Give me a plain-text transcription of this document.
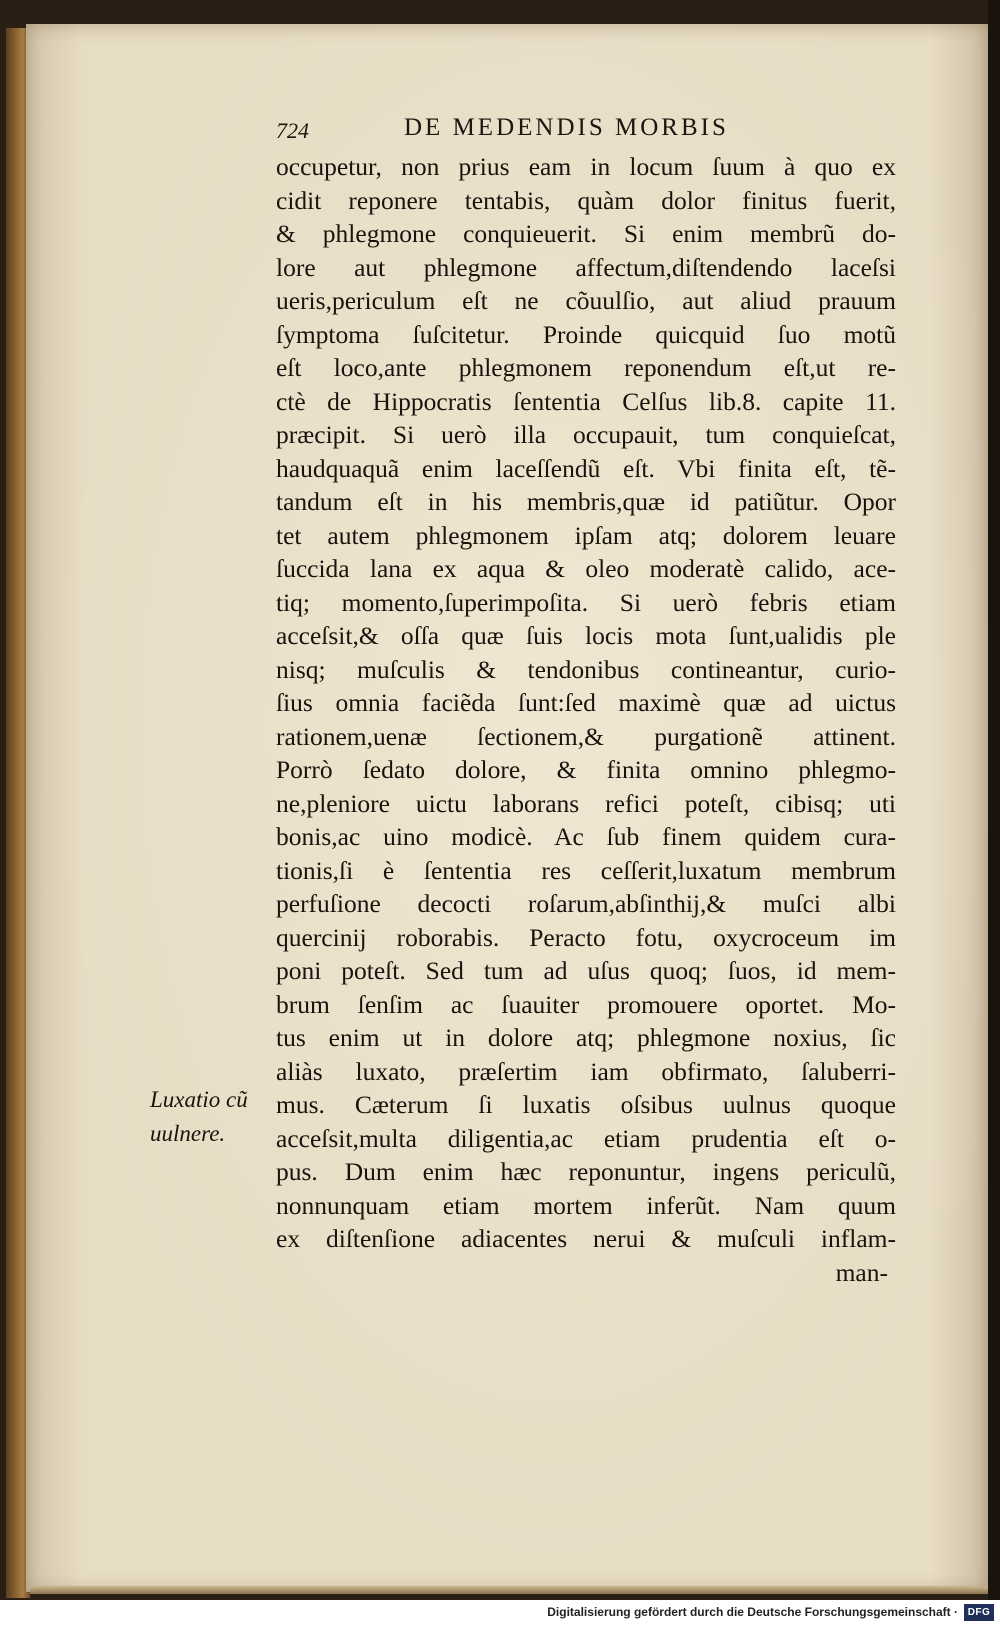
724	DE MEDENDIS MORBIS
occupetur, non prius eam in locum ſuum à quo ex
cidit reponere tentabis, quàm dolor finitus fuerit,
& phlegmone conquieuerit. Si enim membrũ do-
lore aut phlegmone affectum,diſtendendo laceſsi
ueris,periculum eſt ne cõuulſio, aut aliud prauum
ſymptoma ſuſcitetur. Proinde quicquid ſuo motũ
eſt loco,ante phlegmonem reponendum eſt,ut re-
ctè de Hippocratis ſententia Celſus lib.8. capite 11.
præcipit. Si uerò illa occupauit, tum conquieſcat,
haudquaquã enim laceſſendũ eſt. Vbi finita eſt, tẽ-
tandum eſt in his membris,quæ id patiũtur. Opor
tet autem phlegmonem ipſam atq; dolorem leuare
ſuccida lana ex aqua & oleo moderatè calido, ace-
tiq; momento,ſuperimpoſita. Si uerò febris etiam
acceſsit,& oſſa quæ ſuis locis mota ſunt,ualidis ple
nisq; muſculis & tendonibus contineantur, curio-
ſius omnia faciẽda ſunt:ſed maximè quæ ad uictus
rationem,uenæ ſectionem,& purgationẽ attinent.
Porrò ſedato dolore, & finita omnino phlegmo-
ne,pleniore uictu laborans refici poteſt, cibisq; uti
bonis,ac uino modicè. Ac ſub finem quidem cura-
tionis,ſi è ſententia res ceſſerit,luxatum membrum
perfuſione decocti roſarum,abſinthij,& muſci albi
quercinij roborabis. Peracto fotu, oxycroceum im
poni poteſt. Sed tum ad uſus quoq; ſuos, id mem-
brum ſenſim ac ſuauiter promouere oportet. Mo-
tus enim ut in dolore atq; phlegmone noxius, ſic
aliàs luxato, præſertim iam obfirmato, ſaluberri-
mus. Cæterum ſi luxatis oſsibus uulnus quoque
acceſsit,multa diligentia,ac etiam prudentia eſt o-
pus. Dum enim hæc reponuntur, ingens periculũ,
nonnunquam etiam mortem inferũt. Nam quum
ex diſtenſione adiacentes nerui & muſculi inflam-
man-
Luxatio cũ
uulnere.
Digitalisierung gefördert durch die Deutsche Forschungsgemeinschaft · DFG
